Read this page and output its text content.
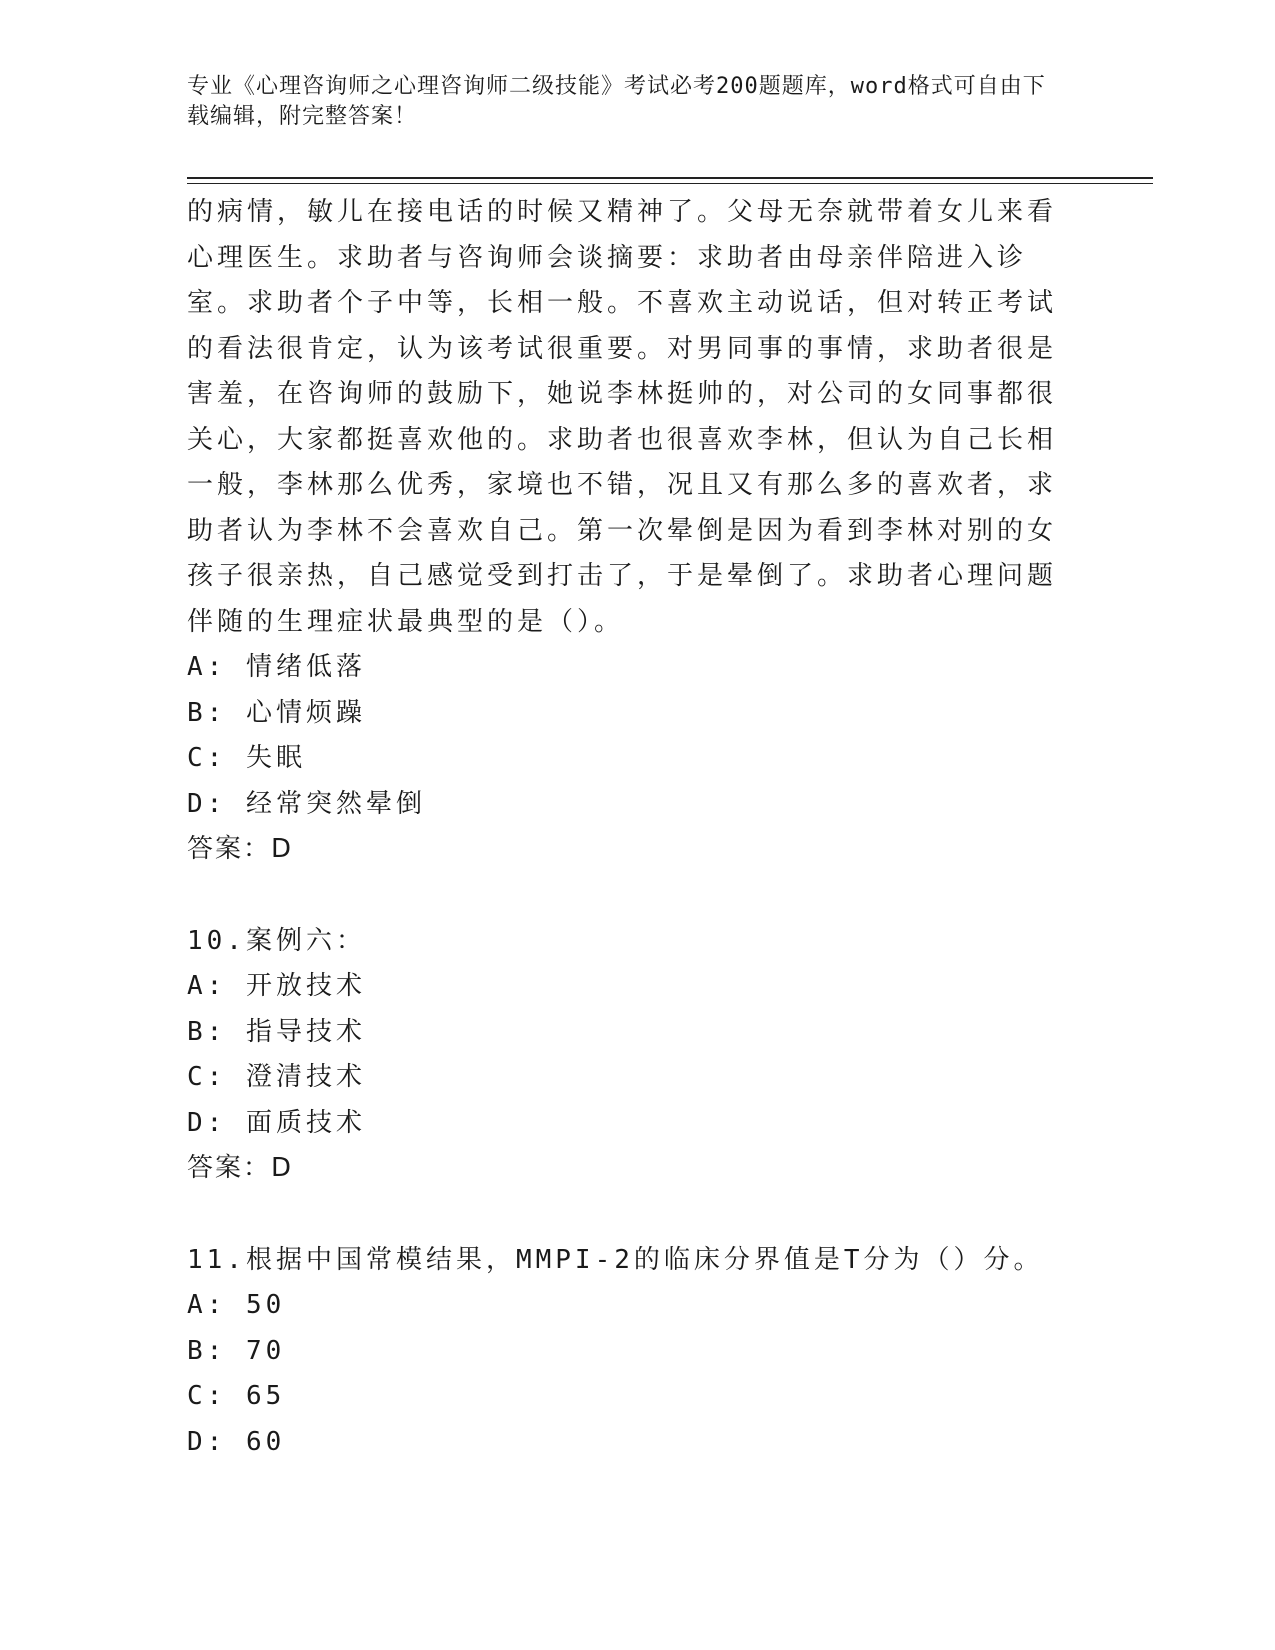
专业《心理咨询师之心理咨询师二级技能》考试必考200题题库，word格式可自由下载编辑，附完整答案！

的病情，敏儿在接电话的时候又精神了。父母无奈就带着女儿来看心理医生。求助者与咨询师会谈摘要：求助者由母亲伴陪进入诊室。求助者个子中等，长相一般。不喜欢主动说话，但对转正考试的看法很肯定，认为该考试很重要。对男同事的事情，求助者很是害羞，在咨询师的鼓励下，她说李林挺帅的，对公司的女同事都很关心，大家都挺喜欢他的。求助者也很喜欢李林，但认为自己长相一般，李林那么优秀，家境也不错，况且又有那么多的喜欢者，求助者认为李林不会喜欢自己。第一次晕倒是因为看到李林对别的女孩子很亲热，自己感觉受到打击了，于是晕倒了。求助者心理问题伴随的生理症状最典型的是（）。

A: 情绪低落

B: 心情烦躁

C: 失眠

D: 经常突然晕倒

答案：D

10.案例六：

A: 开放技术

B: 指导技术

C: 澄清技术

D: 面质技术

答案：D

11.根据中国常模结果，MMPI-2的临床分界值是T分为（）分。

A: 50

B: 70

C: 65

D: 60
